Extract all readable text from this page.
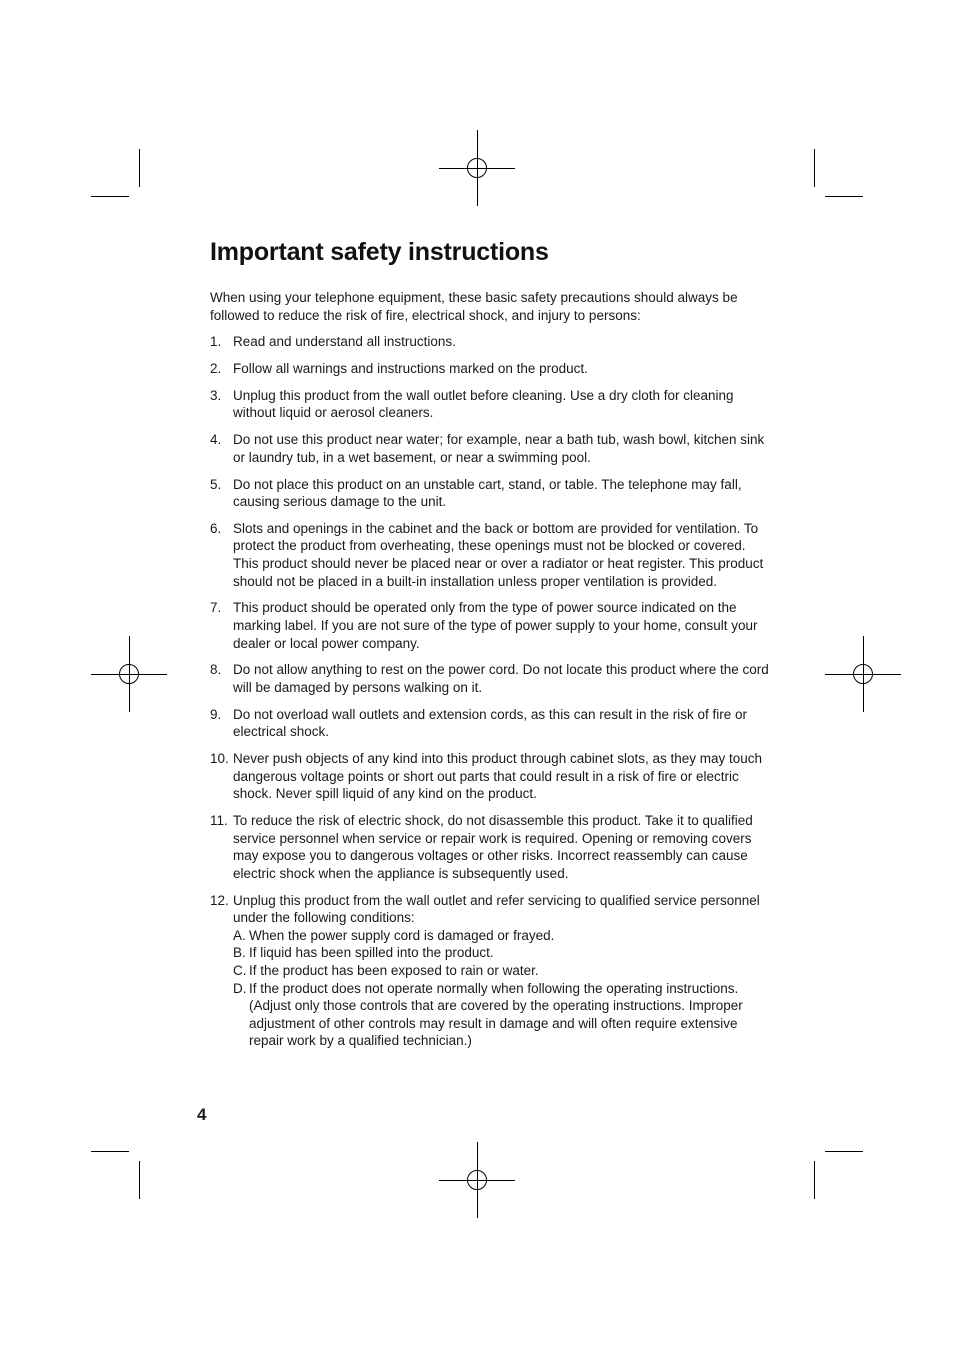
Important safety instructions

When using your telephone equipment, these basic safety precautions should always be followed to reduce the risk of fire, electrical shock, and injury to persons:

1. Read and understand all instructions.
2. Follow all warnings and instructions marked on the product.
3. Unplug this product from the wall outlet before cleaning. Use a dry cloth for cleaning without liquid or aerosol cleaners.
4. Do not use this product near water; for example, near a bath tub, wash bowl, kitchen sink or laundry tub, in a wet basement, or near a swimming pool.
5. Do not place this product on an unstable cart, stand, or table. The telephone may fall, causing serious damage to the unit.
6. Slots and openings in the cabinet and the back or bottom are provided for ventilation. To protect the product from overheating, these openings must not be blocked or covered. This product should never be placed near or over a radiator or heat register. This product should not be placed in a built-in installation unless proper ventilation is provided.
7. This product should be operated only from the type of power source indicated on the marking label. If you are not sure of the type of power supply to your home, consult your dealer or local power company.
8. Do not allow anything to rest on the power cord. Do not locate this product where the cord will be damaged by persons walking on it.
9. Do not overload wall outlets and extension cords, as this can result in the risk of fire or electrical shock.
10. Never push objects of any kind into this product through cabinet slots, as they may touch dangerous voltage points or short out parts that could result in a risk of fire or electric shock. Never spill liquid of any kind on the product.
11. To reduce the risk of electric shock, do not disassemble this product. Take it to qualified service personnel when service or repair work is required. Opening or removing covers may expose you to dangerous voltages or other risks. Incorrect reassembly can cause electric shock when the appliance is subsequently used.
12. Unplug this product from the wall outlet and refer servicing to qualified service personnel under the following conditions:
A. When the power supply cord is damaged or frayed.
B. If liquid has been spilled into the product.
C. If the product has been exposed to rain or water.
D. If the product does not operate normally when following the operating instructions. (Adjust only those controls that are covered by the operating instructions. Improper adjustment of other controls may result in damage and will often require extensive repair work by a qualified technician.)
4
